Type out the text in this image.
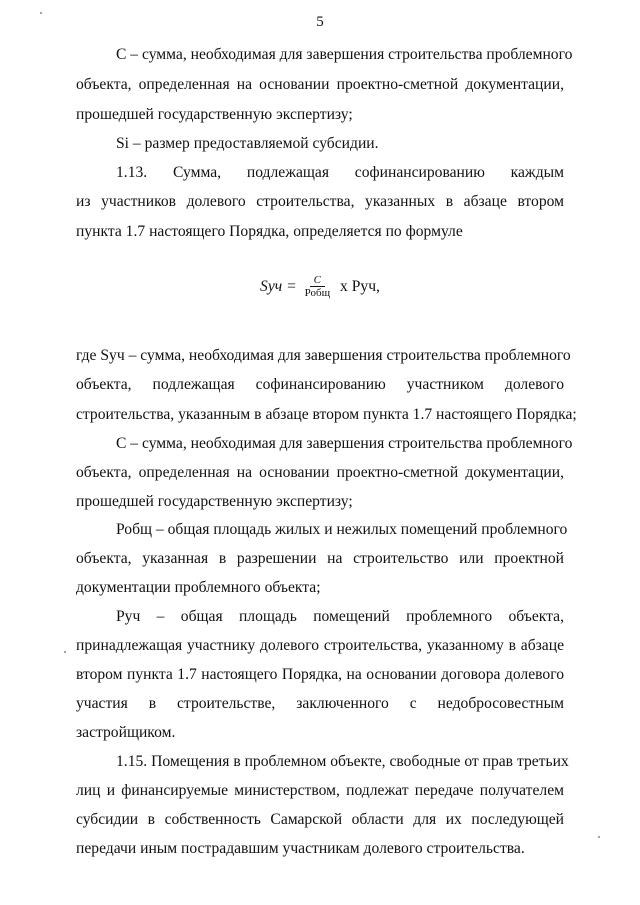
5
С – сумма, необходимая для завершения строительства проблемного
объекта, определенная на основании проектно-сметной документации,
прошедшей государственную экспертизу;
Si – размер предоставляемой субсидии.
1.13. Сумма, подлежащая софинансированию каждым
из участников долевого строительства, указанных в абзаце втором
пункта 1.7 настоящего Порядка, определяется по формуле
Sуч = $\frac{С}{\text{Робщ}}$ х Руч,
где Sуч – сумма, необходимая для завершения строительства проблемного
объекта, подлежащая софинансированию участником долевого
строительства, указанным в абзаце втором пункта 1.7 настоящего Порядка;
С – сумма, необходимая для завершения строительства проблемного
объекта, определенная на основании проектно-сметной документации,
прошедшей государственную экспертизу;
Робщ – общая площадь жилых и нежилых помещений проблемного
объекта, указанная в разрешении на строительство или проектной
документации проблемного объекта;
Руч – общая площадь помещений проблемного объекта,
принадлежащая участнику долевого строительства, указанному в абзаце
втором пункта 1.7 настоящего Порядка, на основании договора долевого
участия в строительстве, заключенного с недобросовестным
застройщиком.
1.15. Помещения в проблемном объекте, свободные от прав третьих
лиц и финансируемые министерством, подлежат передаче получателем
субсидии в собственность Самарской области для их последующей
передачи иным пострадавшим участникам долевого строительства.
